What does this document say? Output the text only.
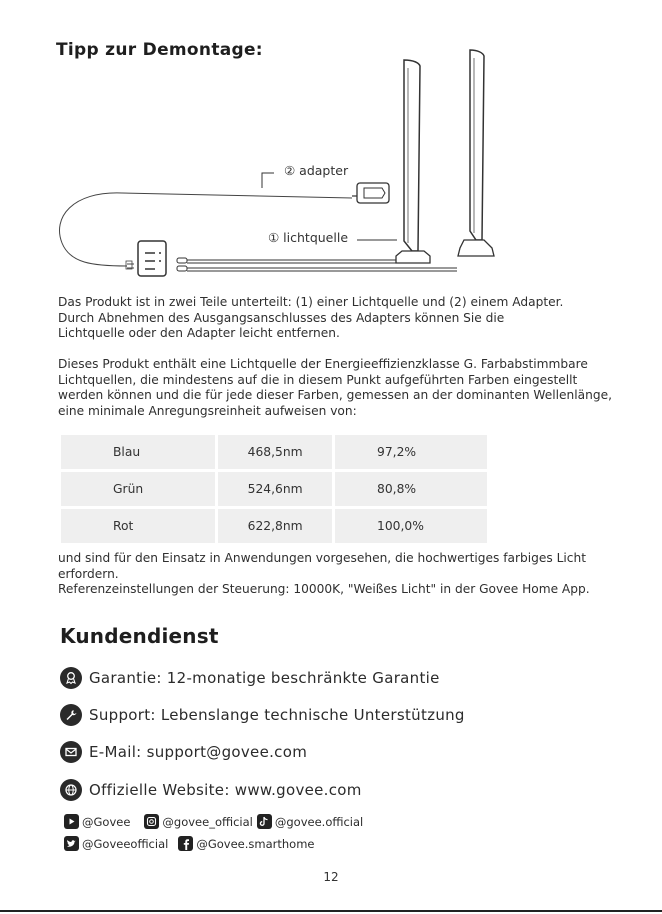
Tipp zur Demontage:
② adapter
① lichtquelle
Das Produkt ist in zwei Teile unterteilt: (1) einer Lichtquelle und (2) einem Adapter.
Durch Abnehmen des Ausgangsanschlusses des Adapters können Sie die
Lichtquelle oder den Adapter leicht entfernen.
Dieses Produkt enthält eine Lichtquelle der Energieeffizienzklasse G. Farbabstimmbare
Lichtquellen, die mindestens auf die in diesem Punkt aufgeführten Farben eingestellt
werden können und die für jede dieser Farben, gemessen an der dominanten Wellenlänge,
eine minimale Anregungsreinheit aufweisen von:
Blau	468,5nm	97,2%
Grün	524,6nm	80,8%
Rot	622,8nm	100,0%
und sind für den Einsatz in Anwendungen vorgesehen, die hochwertiges farbiges Licht
erfordern.
Referenzeinstellungen der Steuerung: 10000K, "Weißes Licht" in der Govee Home App.
Kundendienst
Garantie: 12-monatige beschränkte Garantie
Support: Lebenslange technische Unterstützung
E-Mail: support@govee.com
Offizielle Website: www.govee.com
@Govee	@govee_official @govee.official
@Goveeofficial @Govee.smarthome
12
